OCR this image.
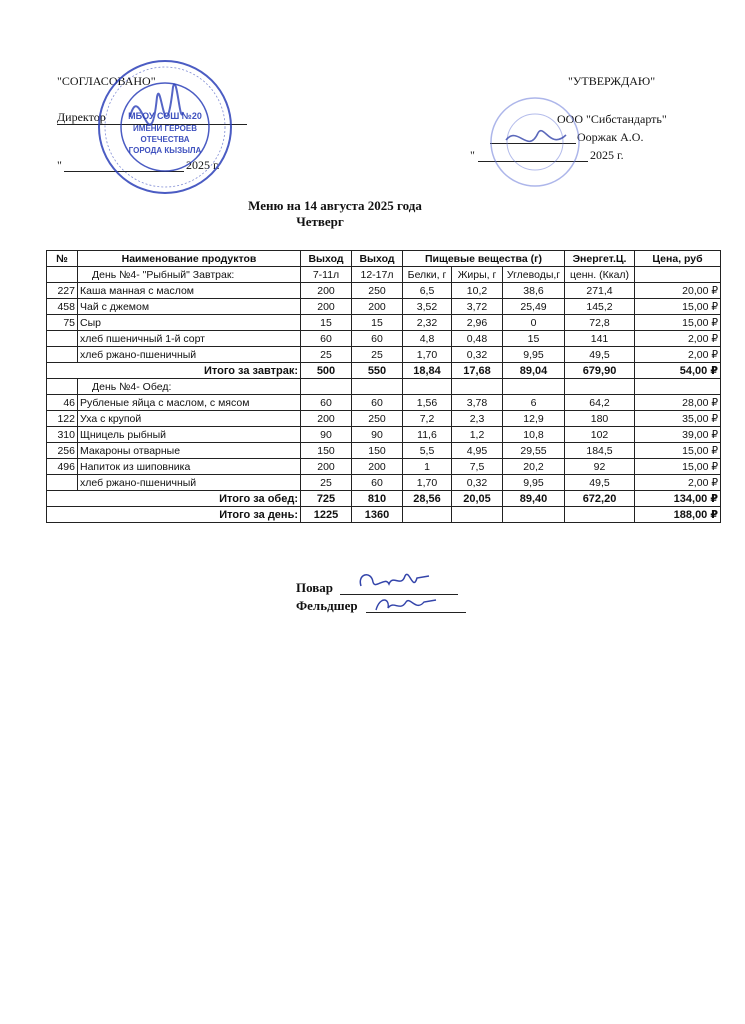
"СОГЛАСОВАНО"
Директор
"	2025 г.
"УТВЕРЖДАЮ"
ООО "Сибстандарть"
Ооржак А.О.
"	2025 г.
МБОУ СОШ №20
ИМЕНИ ГЕРОЕВ
ОТЕЧЕСТВА
ГОРОДА КЫЗЫЛА
Меню на 14 августа 2025 года
Четверг
№	Наименование продуктов	Выход	Выход	Пищевые вещества (г)			Энергет.Ц.	Цена, руб
	День №4- "Рыбный" Завтрак:	7-11л	12-17л	Белки, г	Жиры, г	Углеводы,г	ценн. (Ккал)	
227	Каша манная с маслом	200	250	6,5	10,2	38,6	271,4	20,00 ₽
458	Чай с джемом	200	200	3,52	3,72	25,49	145,2	15,00 ₽
75	Сыр	15	15	2,32	2,96	0	72,8	15,00 ₽
	хлеб пшеничный 1-й сорт	60	60	4,8	0,48	15	141	2,00 ₽
	хлеб ржано-пшеничный	25	25	1,70	0,32	9,95	49,5	2,00 ₽
Итого за завтрак:		500	550	18,84	17,68	89,04	679,90	54,00 ₽
	День №4- Обед:							
46	Рубленые яйца с маслом, с мясом	60	60	1,56	3,78	6	64,2	28,00 ₽
122	Уха с крупой	200	250	7,2	2,3	12,9	180	35,00 ₽
310	Щницель рыбный	90	90	11,6	1,2	10,8	102	39,00 ₽
256	Макароны отварные	150	150	5,5	4,95	29,55	184,5	15,00 ₽
496	Напиток из шиповника	200	200	1	7,5	20,2	92	15,00 ₽
	хлеб ржано-пшеничный	25	60	1,70	0,32	9,95	49,5	2,00 ₽
Итого за обед:		725	810	28,56	20,05	89,40	672,20	134,00 ₽
Итого за день:		1225	1360					188,00 ₽
Повар
Фельдшер
